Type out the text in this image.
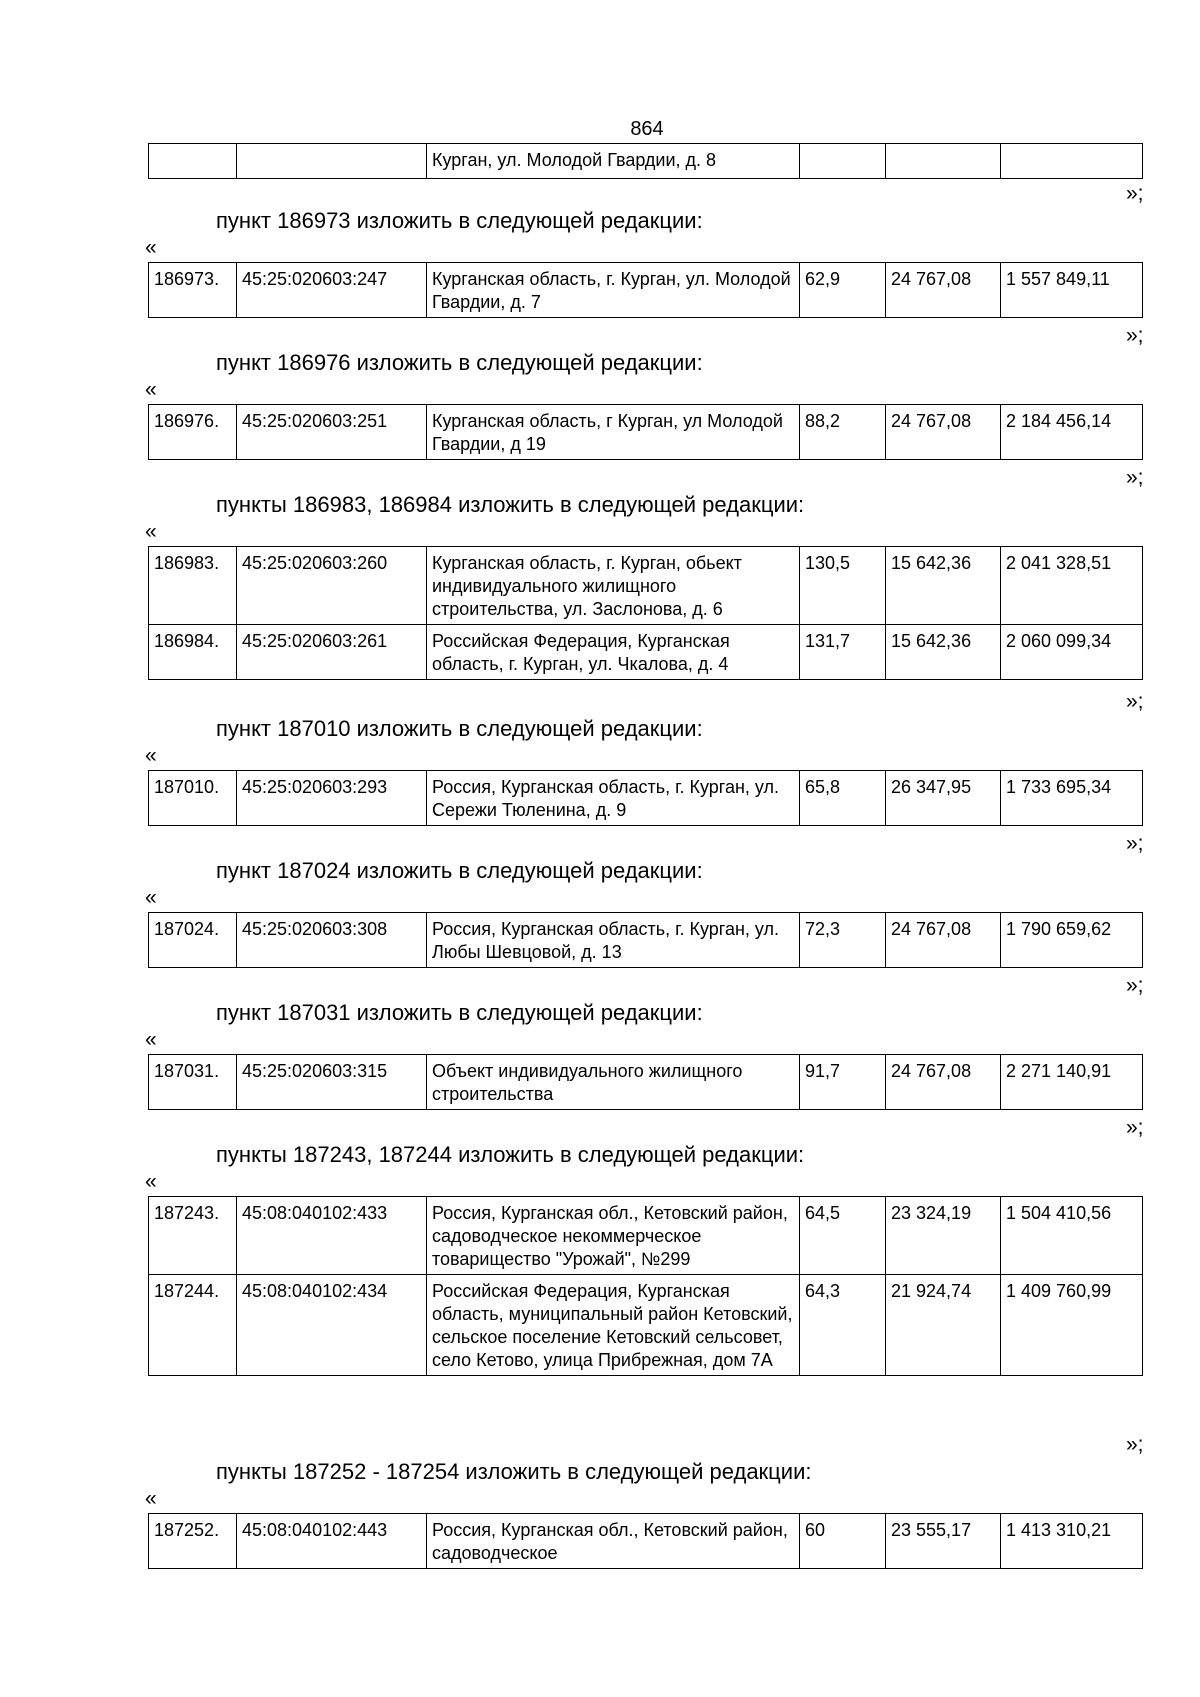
864
		Курган, ул. Молодой Гвардии, д. 8			
»;
пункт 186973 изложить в следующей редакции:
«
186973.	45:25:020603:247	Курганская область, г. Курган, ул. Молодой Гвардии, д. 7	62,9	24 767,08	1 557 849,11
»;
пункт 186976 изложить в следующей редакции:
«
186976.	45:25:020603:251	Курганская область, г Курган, ул Молодой Гвардии, д 19	88,2	24 767,08	2 184 456,14
»;
пункты 186983, 186984 изложить в следующей редакции:
«
186983.	45:25:020603:260	Курганская область, г. Курган, обьект индивидуального жилищного строительства, ул. Заслонова, д. 6	130,5	15 642,36	2 041 328,51
186984.	45:25:020603:261	Российская Федерация, Курганская область, г. Курган, ул. Чкалова, д. 4	131,7	15 642,36	2 060 099,34
»;
пункт 187010 изложить в следующей редакции:
«
187010.	45:25:020603:293	Россия, Курганская область, г. Курган, ул. Сережи Тюленина, д. 9	65,8	26 347,95	1 733 695,34
»;
пункт 187024 изложить в следующей редакции:
«
187024.	45:25:020603:308	Россия, Курганская область, г. Курган, ул. Любы Шевцовой, д. 13	72,3	24 767,08	1 790 659,62
»;
пункт 187031 изложить в следующей редакции:
«
187031.	45:25:020603:315	Объект индивидуального жилищного строительства	91,7	24 767,08	2 271 140,91
»;
пункты 187243, 187244 изложить в следующей редакции:
«
187243.	45:08:040102:433	Россия, Курганская обл., Кетовский район, садоводческое некоммерческое товарищество "Урожай", №299	64,5	23 324,19	1 504 410,56
187244.	45:08:040102:434	Российская Федерация, Курганская область, муниципальный район Кетовский, сельское поселение Кетовский сельсовет, село Кетово, улица Прибрежная, дом 7А	64,3	21 924,74	1 409 760,99
»;
пункты 187252 - 187254 изложить в следующей редакции:
«
187252.	45:08:040102:443	Россия, Курганская обл., Кетовский район, садоводческое	60	23 555,17	1 413 310,21
